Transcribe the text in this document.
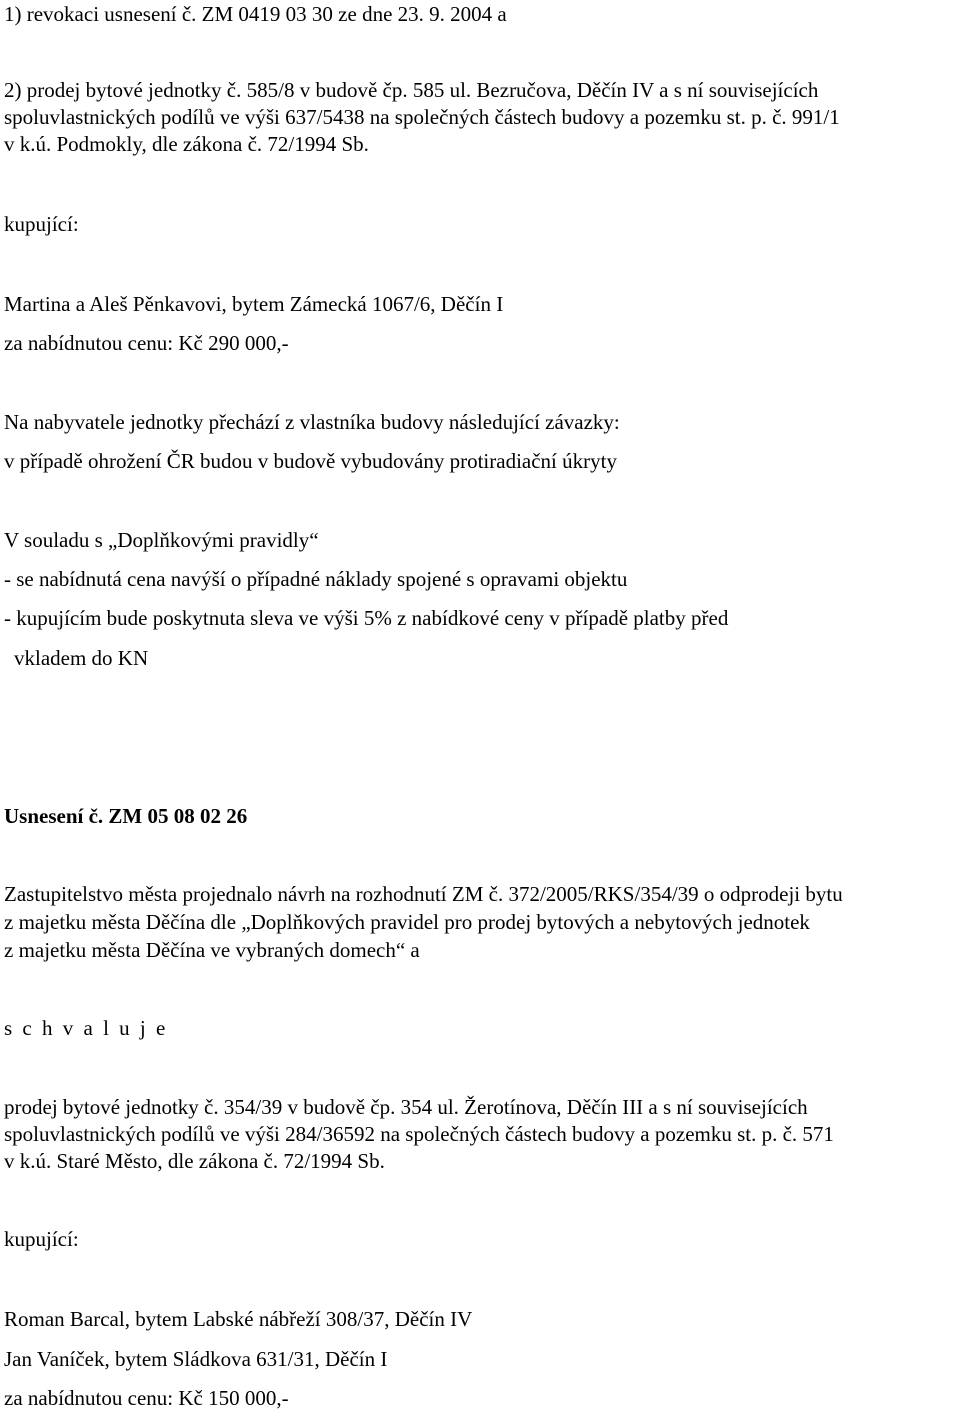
1) revokaci usnesení č. ZM 0419 03 30 ze dne 23. 9. 2004 a

2) prodej bytové jednotky č. 585/8 v budově čp. 585 ul. Bezručova, Děčín IV a s ní souvisejících

spoluvlastnických podílů ve výši 637/5438 na společných částech budovy a pozemku st. p. č. 991/1

v k.ú. Podmokly, dle zákona č. 72/1994 Sb.

kupující:

Martina a Aleš Pěnkavovi, bytem Zámecká 1067/6, Děčín I

za nabídnutou cenu: Kč 290 000,-

Na nabyvatele jednotky přechází z vlastníka budovy následující závazky:

v případě ohrožení ČR budou v budově vybudovány protiradiační úkryty

V souladu s „Doplňkovými pravidly“

- se nabídnutá cena navýší o případné náklady spojené s opravami objektu

- kupujícím bude poskytnuta sleva ve výši 5% z nabídkové ceny v případě platby před

vkladem do KN

Usnesení č. ZM 05 08 02 26

Zastupitelstvo města projednalo návrh na rozhodnutí ZM č. 372/2005/RKS/354/39 o odprodeji bytu

z majetku města Děčína dle „Doplňkových pravidel pro prodej bytových a nebytových jednotek

z majetku města Děčína ve vybraných domech“ a

s c h v a l u j e

prodej bytové jednotky č. 354/39 v budově čp. 354 ul. Žerotínova, Děčín III a s ní souvisejících

spoluvlastnických podílů ve výši 284/36592 na společných částech budovy a pozemku st. p. č. 571

v k.ú. Staré Město, dle zákona č. 72/1994 Sb.

kupující:

Roman Barcal, bytem Labské nábřeží 308/37, Děčín IV

Jan Vaníček, bytem Sládkova 631/31, Děčín I

za nabídnutou cenu: Kč 150 000,-
